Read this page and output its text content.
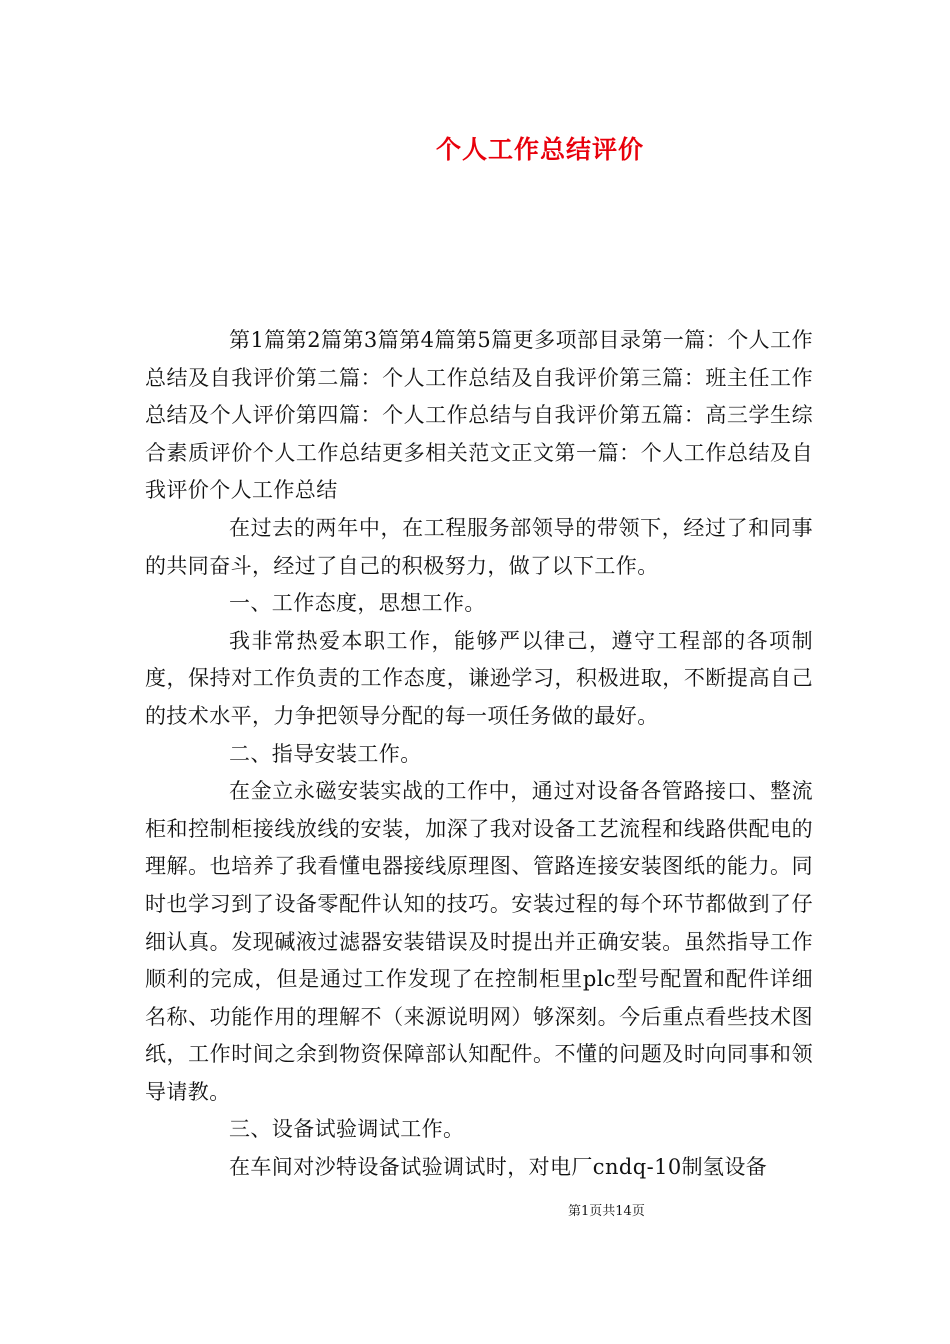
个人工作总结评价

第1篇第2篇第3篇第4篇第5篇更多项部目录第一篇：个人工作总结及自我评价第二篇：个人工作总结及自我评价第三篇：班主任工作总结及个人评价第四篇：个人工作总结与自我评价第五篇：高三学生综合素质评价个人工作总结更多相关范文正文第一篇：个人工作总结及自我评价个人工作总结

在过去的两年中，在工程服务部领导的带领下，经过了和同事的共同奋斗，经过了自己的积极努力，做了以下工作。

一、工作态度，思想工作。

我非常热爱本职工作，能够严以律己，遵守工程部的各项制度，保持对工作负责的工作态度，谦逊学习，积极进取，不断提高自己的技术水平，力争把领导分配的每一项任务做的最好。

二、指导安装工作。

在金立永磁安装实战的工作中，通过对设备各管路接口、整流柜和控制柜接线放线的安装，加深了我对设备工艺流程和线路供配电的理解。也培养了我看懂电器接线原理图、管路连接安装图纸的能力。同时也学习到了设备零配件认知的技巧。安装过程的每个环节都做到了仔细认真。发现碱液过滤器安装错误及时提出并正确安装。虽然指导工作顺利的完成，但是通过工作发现了在控制柜里plc型号配置和配件详细名称、功能作用的理解不（来源说明网）够深刻。今后重点看些技术图纸，工作时间之余到物资保障部认知配件。不懂的问题及时向同事和领导请教。

三、设备试验调试工作。

在车间对沙特设备试验调试时，对电厂cndq-10制氢设备

第1页共14页
